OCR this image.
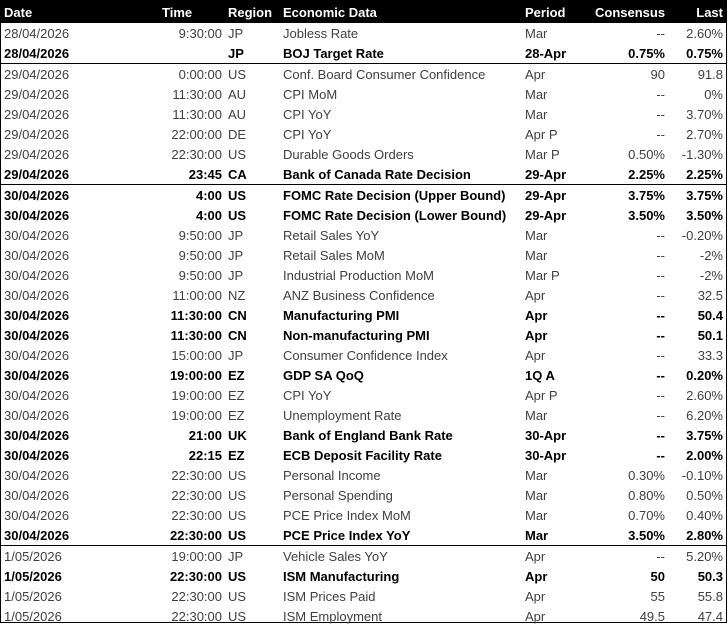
Date	Time	Region	Economic Data	Period	Consensus	Last
28/04/2026	9:30:00	JP	Jobless Rate	Mar	--	2.60%
28/04/2026		JP	BOJ Target Rate	28-Apr	0.75%	0.75%
29/04/2026	0:00:00	US	Conf. Board Consumer Confidence	Apr	90	91.8
29/04/2026	11:30:00	AU	CPI MoM	Mar	--	0%
29/04/2026	11:30:00	AU	CPI YoY	Mar	--	3.70%
29/04/2026	22:00:00	DE	CPI YoY	Apr P	--	2.70%
29/04/2026	22:30:00	US	Durable Goods Orders	Mar P	0.50%	-1.30%
29/04/2026	23:45	CA	Bank of Canada Rate Decision	29-Apr	2.25%	2.25%
30/04/2026	4:00	US	FOMC Rate Decision (Upper Bound)	29-Apr	3.75%	3.75%
30/04/2026	4:00	US	FOMC Rate Decision (Lower Bound)	29-Apr	3.50%	3.50%
30/04/2026	9:50:00	JP	Retail Sales YoY	Mar	--	-0.20%
30/04/2026	9:50:00	JP	Retail Sales MoM	Mar	--	-2%
30/04/2026	9:50:00	JP	Industrial Production MoM	Mar P	--	-2%
30/04/2026	11:00:00	NZ	ANZ Business Confidence	Apr	--	32.5
30/04/2026	11:30:00	CN	Manufacturing PMI	Apr	--	50.4
30/04/2026	11:30:00	CN	Non-manufacturing PMI	Apr	--	50.1
30/04/2026	15:00:00	JP	Consumer Confidence Index	Apr	--	33.3
30/04/2026	19:00:00	EZ	GDP SA QoQ	1Q A	--	0.20%
30/04/2026	19:00:00	EZ	CPI YoY	Apr P	--	2.60%
30/04/2026	19:00:00	EZ	Unemployment Rate	Mar	--	6.20%
30/04/2026	21:00	UK	Bank of England Bank Rate	30-Apr	--	3.75%
30/04/2026	22:15	EZ	ECB Deposit Facility Rate	30-Apr	--	2.00%
30/04/2026	22:30:00	US	Personal Income	Mar	0.30%	-0.10%
30/04/2026	22:30:00	US	Personal Spending	Mar	0.80%	0.50%
30/04/2026	22:30:00	US	PCE Price Index MoM	Mar	0.70%	0.40%
30/04/2026	22:30:00	US	PCE Price Index YoY	Mar	3.50%	2.80%
1/05/2026	19:00:00	JP	Vehicle Sales YoY	Apr	--	5.20%
1/05/2026	22:30:00	US	ISM Manufacturing	Apr	50	50.3
1/05/2026	22:30:00	US	ISM Prices Paid	Apr	55	55.8
1/05/2026	22:30:00	US	ISM Employment	Apr	49.5	47.4
